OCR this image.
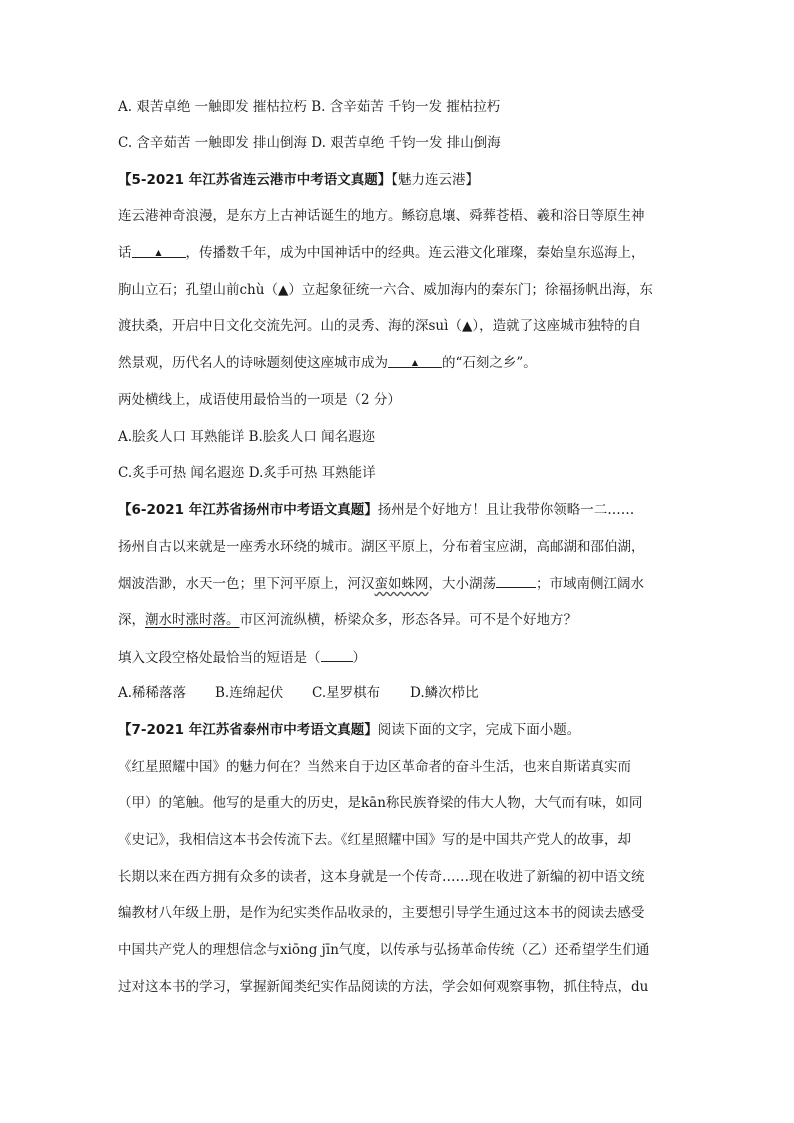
A. 艰苦卓绝 一触即发 摧枯拉朽 B. 含辛茹苦 千钧一发 摧枯拉朽
C. 含辛茹苦 一触即发 排山倒海 D. 艰苦卓绝 千钧一发 排山倒海
【5-2021 年江苏省连云港市中考语文真题】【魅力连云港】
连云港神奇浪漫，是东方上古神话诞生的地方。鲧窃息壤、舜葬苍梧、羲和浴日等原生神
话	▲ ，传播数千年，成为中国神话中的经典。连云港文化璀璨，秦始皇东巡海上，
朐山立石；孔望山前chù（▲）立起象征统一六合、威加海内的秦东门；徐福扬帆出海，东
渡扶桑，开启中日文化交流先河。山的灵秀、海的深suì（▲），造就了这座城市独特的自
然景观，历代名人的诗咏题刻使这座城市成为	▲ 的“石刻之乡”。
两处横线上，成语使用最恰当的一项是（2 分）
A.脍炙人口 耳熟能详 B.脍炙人口 闻名遐迩
C.炙手可热 闻名遐迩 D.炙手可热 耳熟能详
【6-2021 年江苏省扬州市中考语文真题】扬州是个好地方！且让我带你领略一二……
扬州自古以来就是一座秀水环绕的城市。湖区平原上，分布着宝应湖，高邮湖和邵伯湖，
烟波浩渺，水天一色；里下河平原上，河汉蛮如蛛网，大小湖荡	；市域南侧江阔水
深，潮水时涨时落。市区河流纵横，桥梁众多，形态各异。可不是个好地方？
填入文段空格处最恰当的短语是（ ）
A.稀稀落落 B.连绵起伏 C.星罗棋布 D.鳞次栉比
【7-2021 年江苏省泰州市中考语文真题】阅读下面的文字，完成下面小题。
《红星照耀中国》的魅力何在？当然来自于边区革命者的奋斗生活，也来自斯诺真实而
（甲）的笔触。他写的是重大的历史，是kān称民族脊梁的伟大人物，大气而有味，如同
《史记》，我相信这本书会传流下去。《红星照耀中国》写的是中国共产党人的故事，却
长期以来在西方拥有众多的读者，这本身就是一个传奇……现在收进了新编的初中语文统
编教材八年级上册，是作为纪实类作品收录的，主要想引导学生通过这本书的阅读去感受
中国共产党人的理想信念与xiōng jīn气度，以传承与弘扬革命传统（乙）还希望学生们通
过对这本书的学习，掌握新闻类纪实作品阅读的方法，学会如何观察事物，抓住特点，du
